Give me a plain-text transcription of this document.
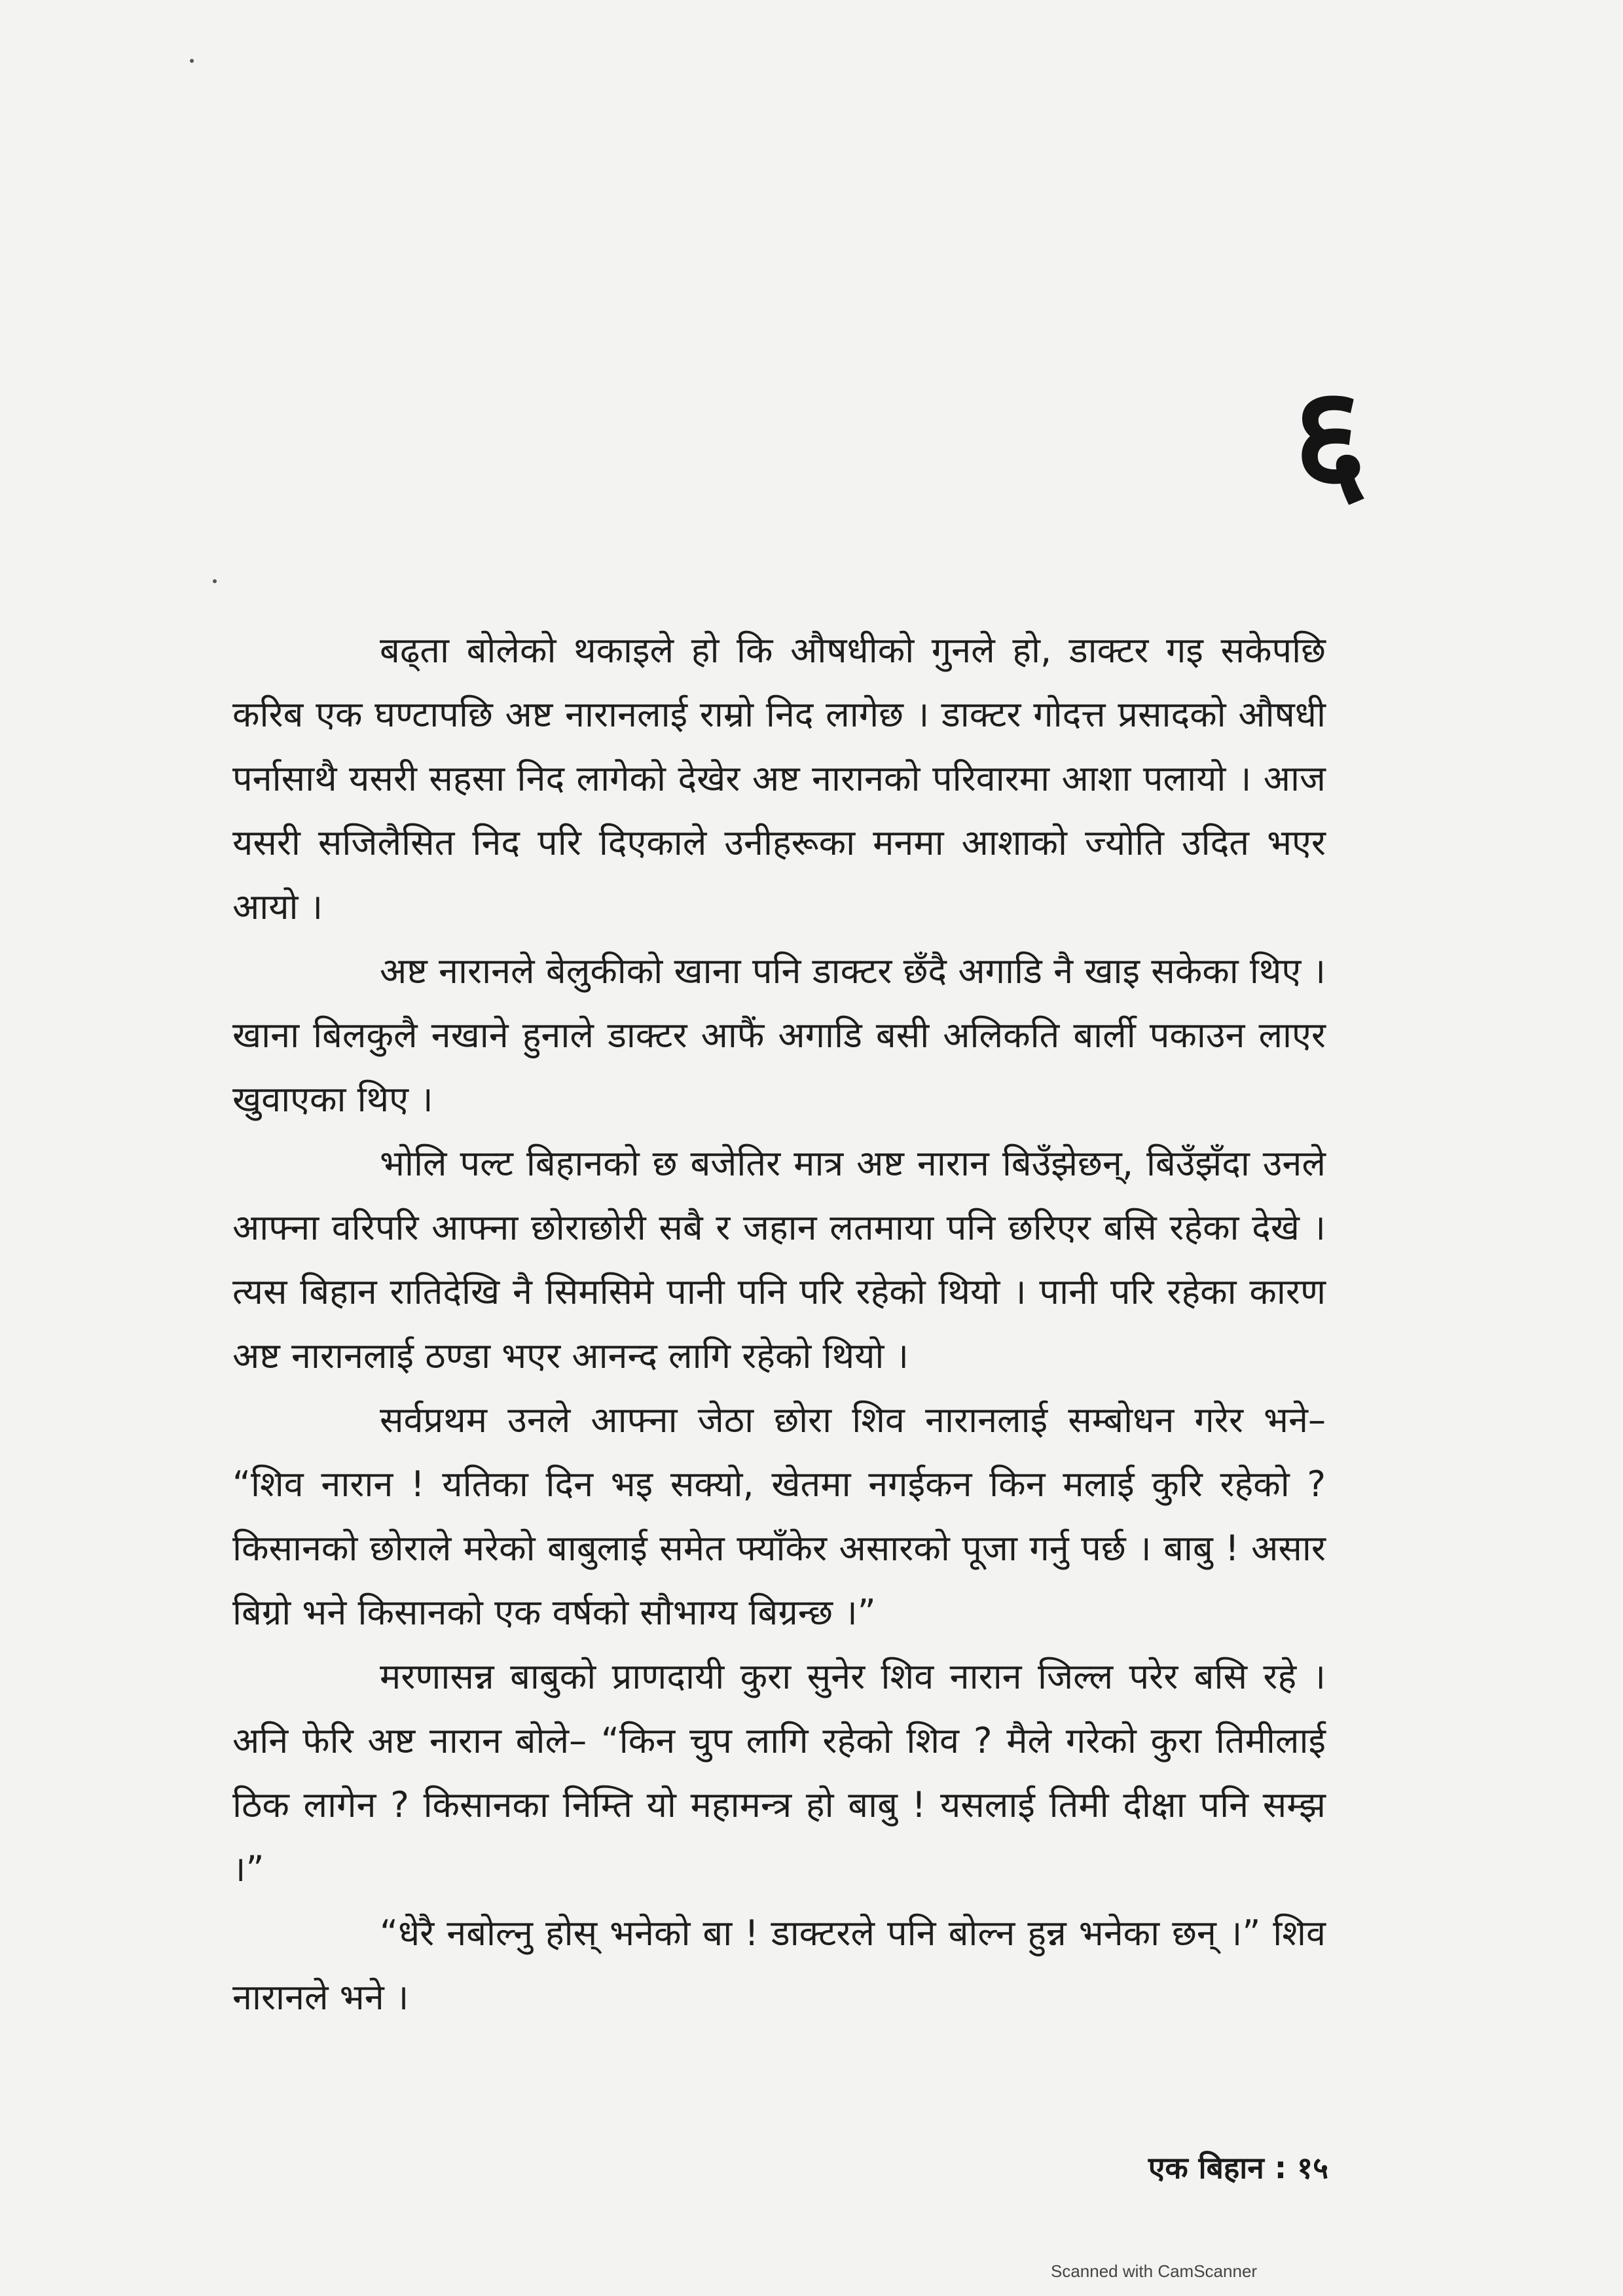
६

बढ्ता बोलेको थकाइले हो कि औषधीको गुनले हो, डाक्टर गइ सकेपछि करिब एक घण्टापछि अष्ट नारानलाई राम्रो निद लागेछ । डाक्टर गोदत्त प्रसादको औषधी पर्नासाथै यसरी सहसा निद लागेको देखेर अष्ट नारानको परिवारमा आशा पलायो । आज यसरी सजिलैसित निद परि दिएकाले उनीहरूका मनमा आशाको ज्योति उदित भएर आयो ।

अष्ट नारानले बेलुकीको खाना पनि डाक्टर छँदै अगाडि नै खाइ सकेका थिए । खाना बिलकुलै नखाने हुनाले डाक्टर आफैं अगाडि बसी अलिकति बार्ली पकाउन लाएर खुवाएका थिए ।

भोलि पल्ट बिहानको छ बजेतिर मात्र अष्ट नारान बिउँझेछन्, बिउँझँदा उनले आफ्ना वरिपरि आफ्ना छोराछोरी सबै र जहान लतमाया पनि छरिएर बसि रहेका देखे । त्यस बिहान रातिदेखि नै सिमसिमे पानी पनि परि रहेको थियो । पानी परि रहेका कारण अष्ट नारानलाई ठण्डा भएर आनन्द लागि रहेको थियो ।

सर्वप्रथम उनले आफ्ना जेठा छोरा शिव नारानलाई सम्बोधन गरेर भने– “शिव नारान ! यतिका दिन भइ सक्यो, खेतमा नगईकन किन मलाई कुरि रहेको ? किसानको छोराले मरेको बाबुलाई समेत फ्याँकेर असारको पूजा गर्नु पर्छ । बाबु ! असार बिग्रो भने किसानको एक वर्षको सौभाग्य बिग्रन्छ ।”

मरणासन्न बाबुको प्राणदायी कुरा सुनेर शिव नारान जिल्ल परेर बसि रहे । अनि फेरि अष्ट नारान बोले– “किन चुप लागि रहेको शिव ? मैले गरेको कुरा तिमीलाई ठिक लागेन ? किसानका निम्ति यो महामन्त्र हो बाबु ! यसलाई तिमी दीक्षा पनि सम्झ ।”

“धेरै नबोल्नु होस् भनेको बा ! डाक्टरले पनि बोल्न हुन्न भनेका छन् ।” शिव नारानले भने ।

एक बिहान : १५
Scanned with CamScanner
